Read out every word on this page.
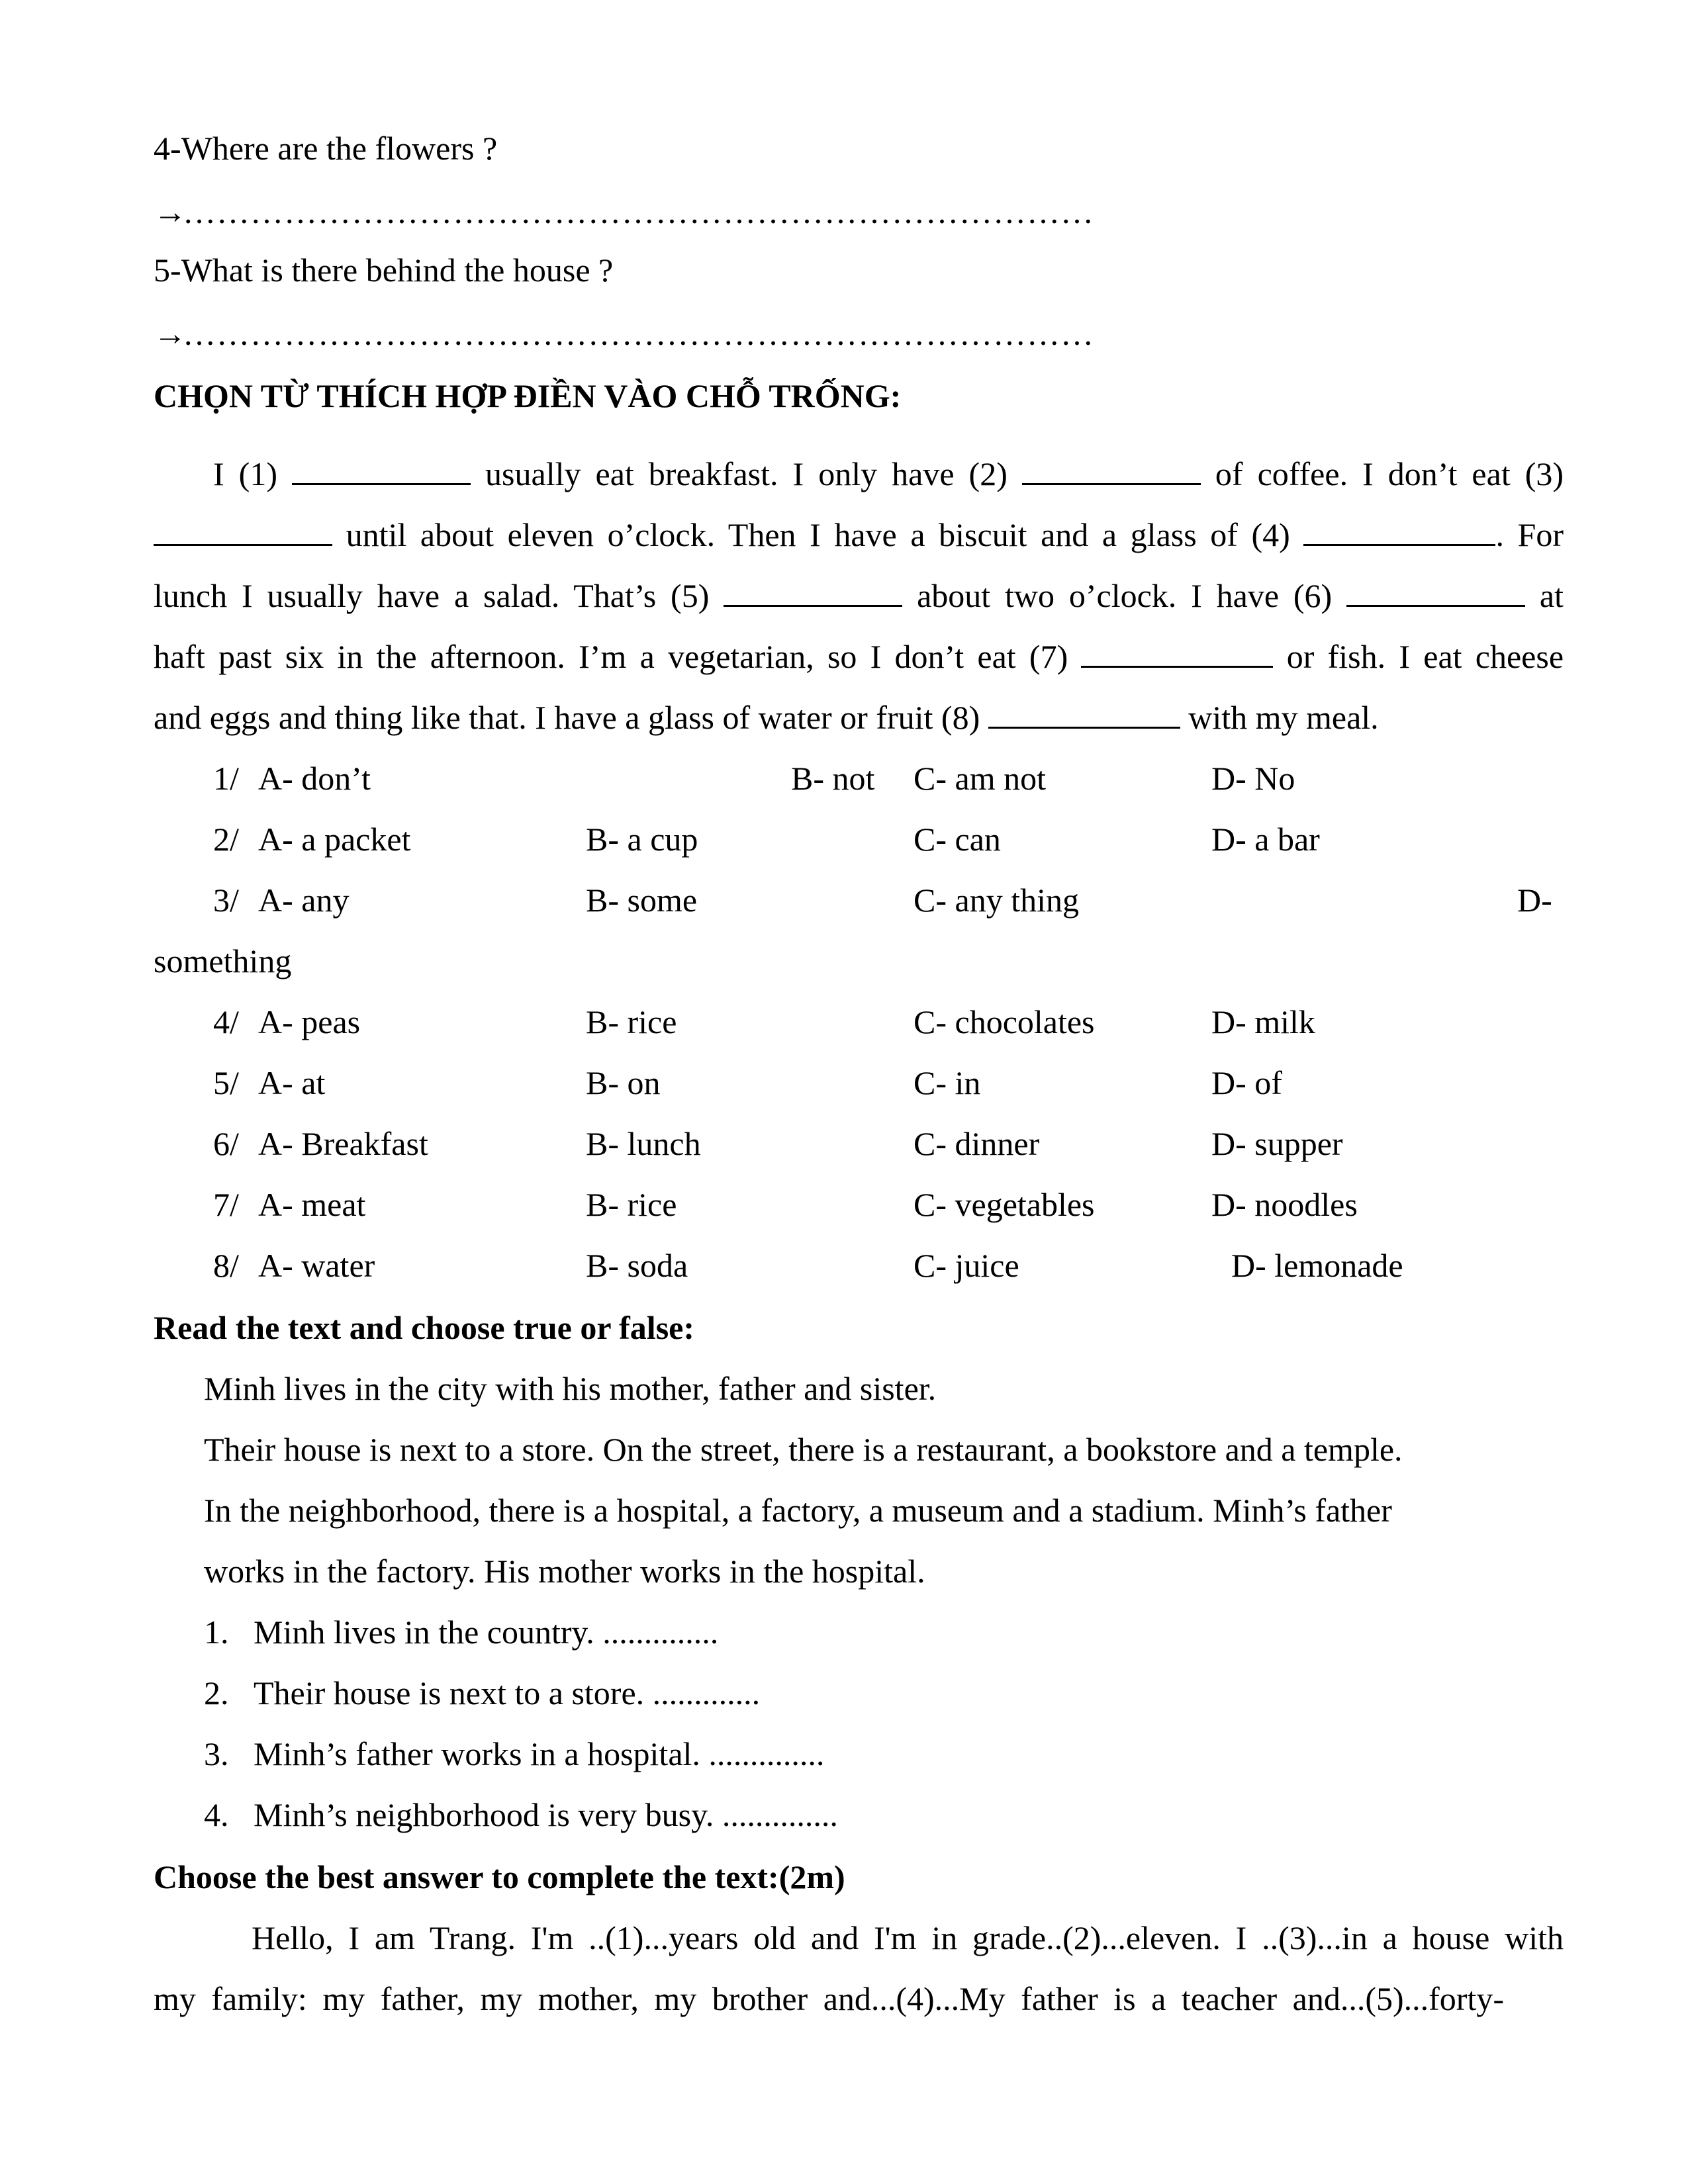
4-Where are the flowers ?
→………………………………………………………………………
5-What is there behind the house ?
→………………………………………………………………………
CHỌN TỪ THÍCH HỢP ĐIỀN VÀO CHỖ TRỐNG:
I (1)	usually eat breakfast. I only have (2)	of coffee. I don’t eat (3)
until about eleven o’clock. Then I have a biscuit and a glass of (4)	. For
lunch I usually have a salad. That’s (5)	about two o’clock. I have (6)	at
haft past six in the afternoon. I’m a vegetarian, so I don’t eat (7)	or fish. I eat cheese
and eggs and thing like that. I have a glass of water or fruit (8)	with my meal.
1/ A- don’t	B- not C- am not	D- No
2/ A- a packet	B- a cup	C- can	D- a bar
3/ A- any	B- some	C- any thing	D-
something
4/ A- peas	B- rice	C- chocolates	D- milk
5/ A- at	B- on	C- in	D- of
6/ A- Breakfast	B- lunch	C- dinner	D- supper
7/ A- meat	B- rice	C- vegetables	D- noodles
8/ A- water	B- soda	C- juice	D- lemonade
Read the text and choose true or false:
Minh lives in the city with his mother, father and sister.
Their house is next to a store. On the street, there is a restaurant, a bookstore and a temple.
In the neighborhood, there is a hospital, a factory, a museum and a stadium. Minh’s father
works in the factory. His mother works in the hospital.
1. Minh lives in the country. ..............
2. Their house is next to a store. .............
3. Minh’s father works in a hospital. ..............
4. Minh’s neighborhood is very busy. ..............
Choose the best answer to complete the text:(2m)
Hello, I am Trang. I'm ..(1)...years old and I'm in grade..(2)...eleven. I ..(3)...in a house with
my family: my father, my mother, my brother and...(4)...My father is a teacher and...(5)...forty-
